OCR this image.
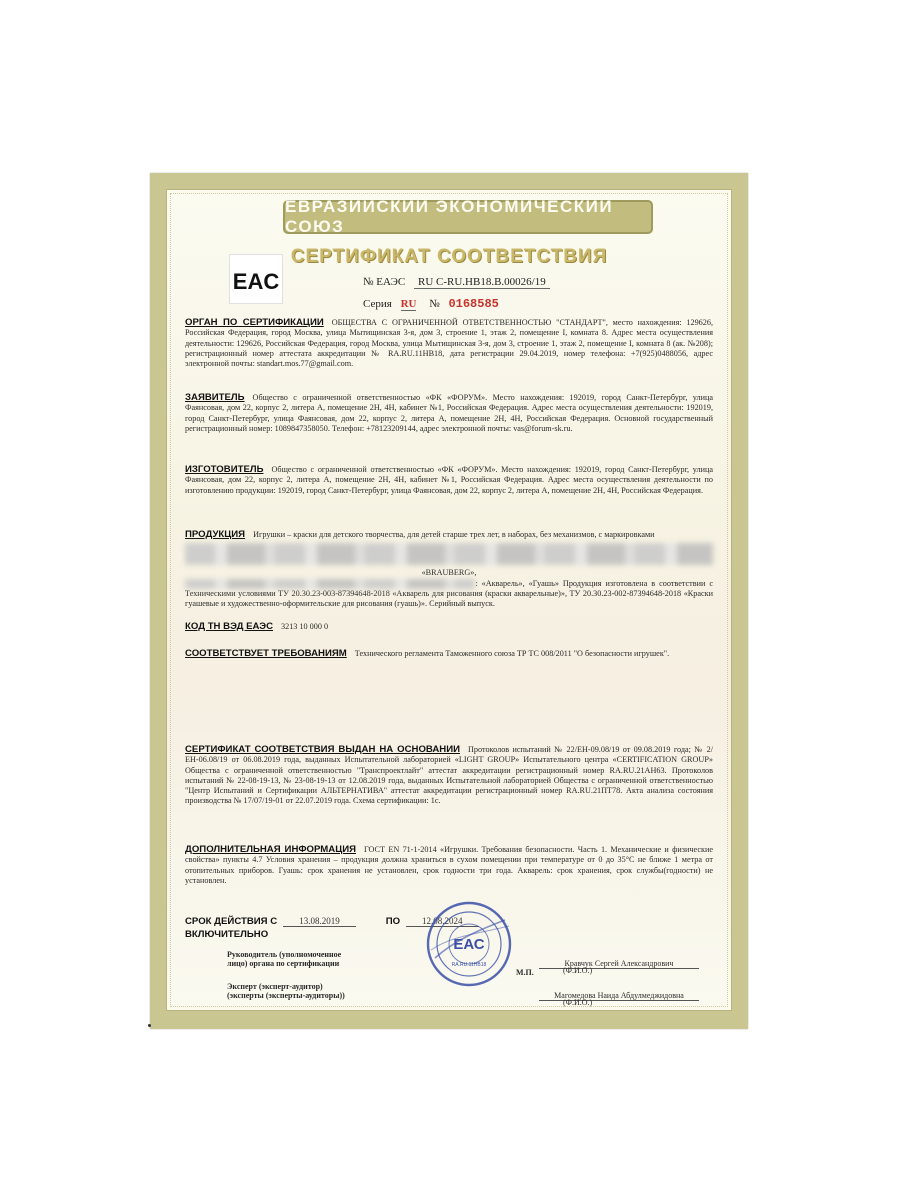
ЕВРАЗИЙСКИЙ ЭКОНОМИЧЕСКИЙ СОЮЗ
СЕРТИФИКАТ СООТВЕТСТВИЯ
EAC	№ ЕАЭС RU C-RU.НВ18.В.00026/19
Серия RU № 0168585
ОРГАН ПО СЕРТИФИКАЦИИ ОБЩЕСТВА С ОГРАНИЧЕННОЙ ОТВЕТСТВЕННОСТЬЮ "СТАНДАРТ", место нахождения: 129626, Российская Федерация, город Москва, улица Мытищинская 3-я, дом 3, строение 1, этаж 2, помещение I, комната 8. Адрес места осуществления деятельности: 129626, Российская Федерация, город Москва, улица Мытищинская 3-я, дом 3, строение 1, этаж 2, помещение I, комната 8 (ак. №208); регистрационный номер аттестата аккредитации № RA.RU.11НВ18, дата регистрации 29.04.2019, номер телефона: +7(925)0488056, адрес электронной почты: standart.mos.77@gmail.com.
ЗАЯВИТЕЛЬ Общество с ограниченной ответственностью «ФК «ФОРУМ». Место нахождения: 192019, город Санкт-Петербург, улица Фаянсовая, дом 22, корпус 2, литера А, помещение 2Н, 4Н, кабинет №1, Российская Федерация. Адрес места осуществления деятельности: 192019, город Санкт-Петербург, улица Фаянсовая, дом 22, корпус 2, литера А, помещение 2Н, 4Н, Российская Федерация. Основной государственный регистрационный номер: 1089847358050. Телефон: +78123209144, адрес электронной почты: vas@forum-sk.ru.
ИЗГОТОВИТЕЛЬ Общество с ограниченной ответственностью «ФК «ФОРУМ». Место нахождения: 192019, город Санкт-Петербург, улица Фаянсовая, дом 22, корпус 2, литера А, помещение 2Н, 4Н, кабинет №1, Российская Федерация. Адрес места осуществления деятельности по изготовлению продукции: 192019, город Санкт-Петербург, улица Фаянсовая, дом 22, корпус 2, литера А, помещение 2Н, 4Н, Российская Федерация.
ПРОДУКЦИЯ Игрушки – краски для детского творчества, для детей старше трех лет, в наборах, без механизмов, с маркировками
«BRAUBERG»,
: «Акварель», «Гуашь» Продукция изготовлена в соответствии с Техническими условиями ТУ 20.30.23-003-87394648-2018 «Акварель для рисования (краски акварельные)», ТУ 20.30.23-002-87394648-2018 «Краски гуашевые и художественно-оформительские для рисования (гуашь)». Серийный выпуск.
КОД ТН ВЭД ЕАЭС 3213 10 000 0
СООТВЕТСТВУЕТ ТРЕБОВАНИЯМ Технического регламента Таможенного союза ТР ТС 008/2011 "О безопасности игрушек".
СЕРТИФИКАТ СООТВЕТСТВИЯ ВЫДАН НА ОСНОВАНИИ Протоколов испытаний № 22/ЕН-09.08/19 от 09.08.2019 года; № 2/ЕН-06.08/19 от 06.08.2019 года, выданных Испытательной лабораторией «LIGHT GROUP» Испытательного центра «CERTIFICATION GROUP» Общества с ограниченной ответственностью "Транспроектлайт" аттестат аккредитации регистрационный номер RA.RU.21АН63. Протоколов испытаний № 22-08-19-13, № 23-08-19-13 от 12.08.2019 года, выданных Испытательной лабораторией Общества с ограниченной ответственностью "Центр Испытаний и Сертификации АЛЬТЕРНАТИВА" аттестат аккредитации регистрационный номер RA.RU.21ПТ78. Акта анализа состояния производства № 17/07/19-01 от 22.07.2019 года. Схема сертификации: 1с.
ДОПОЛНИТЕЛЬНАЯ ИНФОРМАЦИЯ ГОСТ EN 71-1-2014 «Игрушки. Требования безопасности. Часть 1. Механические и физические свойства» пункты 4.7 Условия хранения – продукция должна храниться в сухом помещении при температуре от 0 до 35°С не ближе 1 метра от отопительных приборов. Гуашь: срок хранения не установлен, срок годности три года. Акварель: срок хранения, срок службы(годности) не установлен.
СРОК ДЕЙСТВИЯ С 13.08.2019	ПО 12.08.2024
ВКЛЮЧИТЕЛЬНО
Руководитель (уполномоченное
лицо) органа по сертификации	Кравчук Сергей Александрович
(Ф.И.О.)
Эксперт (эксперт-аудитор)
(эксперты (эксперты-аудиторы))	Магомедова Наида Абдулмеджидовна
(Ф.И.О.)
М.П.
ЕАС
RA.RU.11НВ18
